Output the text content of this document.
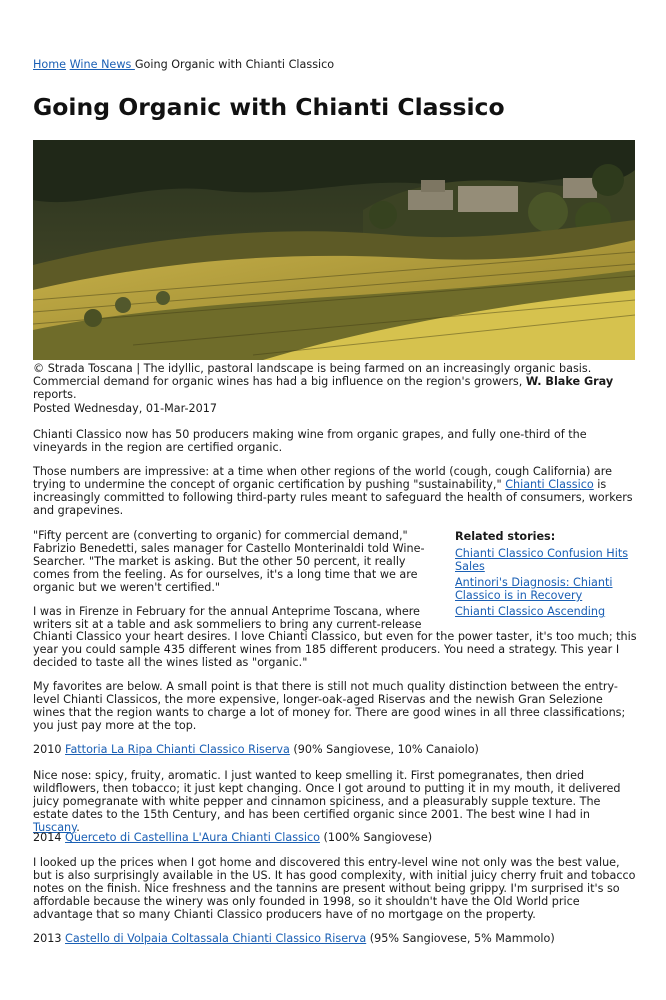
Home Wine News Going Organic with Chianti Classico
Going Organic with Chianti Classico
© Strada Toscana | The idyllic, pastoral landscape is being farmed on an increasingly organic basis. Commercial demand for organic wines has had a big influence on the region's growers, W. Blake Gray reports.
Posted Wednesday, 01-Mar-2017

Chianti Classico now has 50 producers making wine from organic grapes, and fully one-third of the vineyards in the region are certified organic.

Those numbers are impressive: at a time when other regions of the world (cough, cough California) are trying to undermine the concept of organic certification by pushing "sustainability," Chianti Classico is increasingly committed to following third-party rules meant to safeguard the health of consumers, workers and grapevines.

"Fifty percent are (converting to organic) for commercial demand," Fabrizio Benedetti, sales manager for Castello Monterinaldi told Wine-Searcher. "The market is asking. But the other 50 percent, it really comes from the feeling. As for ourselves, it's a long time that we are organic but we weren't certified."

Related stories:
Chianti Classico Confusion Hits Sales
Antinori's Diagnosis: Chianti Classico is in Recovery
Chianti Classico Ascending

I was in Firenze in February for the annual Anteprime Toscana, where writers sit at a table and ask sommeliers to bring any current-release

Chianti Classico your heart desires. I love Chianti Classico, but even for the power taster, it's too much; this year you could sample 435 different wines from 185 different producers. You need a strategy. This year I decided to taste all the wines listed as "organic."

My favorites are below. A small point is that there is still not much quality distinction between the entry-level Chianti Classicos, the more expensive, longer-oak-aged Riservas and the newish Gran Selezione wines that the region wants to charge a lot of money for. There are good wines in all three classifications; you just pay more at the top.

2010 Fattoria La Ripa Chianti Classico Riserva (90% Sangiovese, 10% Canaiolo)

Nice nose: spicy, fruity, aromatic. I just wanted to keep smelling it. First pomegranates, then dried wildflowers, then tobacco; it just kept changing. Once I got around to putting it in my mouth, it delivered juicy pomegranate with white pepper and cinnamon spiciness, and a pleasurably supple texture. The estate dates to the 15th Century, and has been certified organic since 2001. The best wine I had in Tuscany.

2014 Querceto di Castellina L'Aura Chianti Classico (100% Sangiovese)

I looked up the prices when I got home and discovered this entry-level wine not only was the best value, but is also surprisingly available in the US. It has good complexity, with initial juicy cherry fruit and tobacco notes on the finish. Nice freshness and the tannins are present without being grippy. I'm surprised it's so affordable because the winery was only founded in 1998, so it shouldn't have the Old World price advantage that so many Chianti Classico producers have of no mortgage on the property.

2013 Castello di Volpaia Coltassala Chianti Classico Riserva (95% Sangiovese, 5% Mammolo)
